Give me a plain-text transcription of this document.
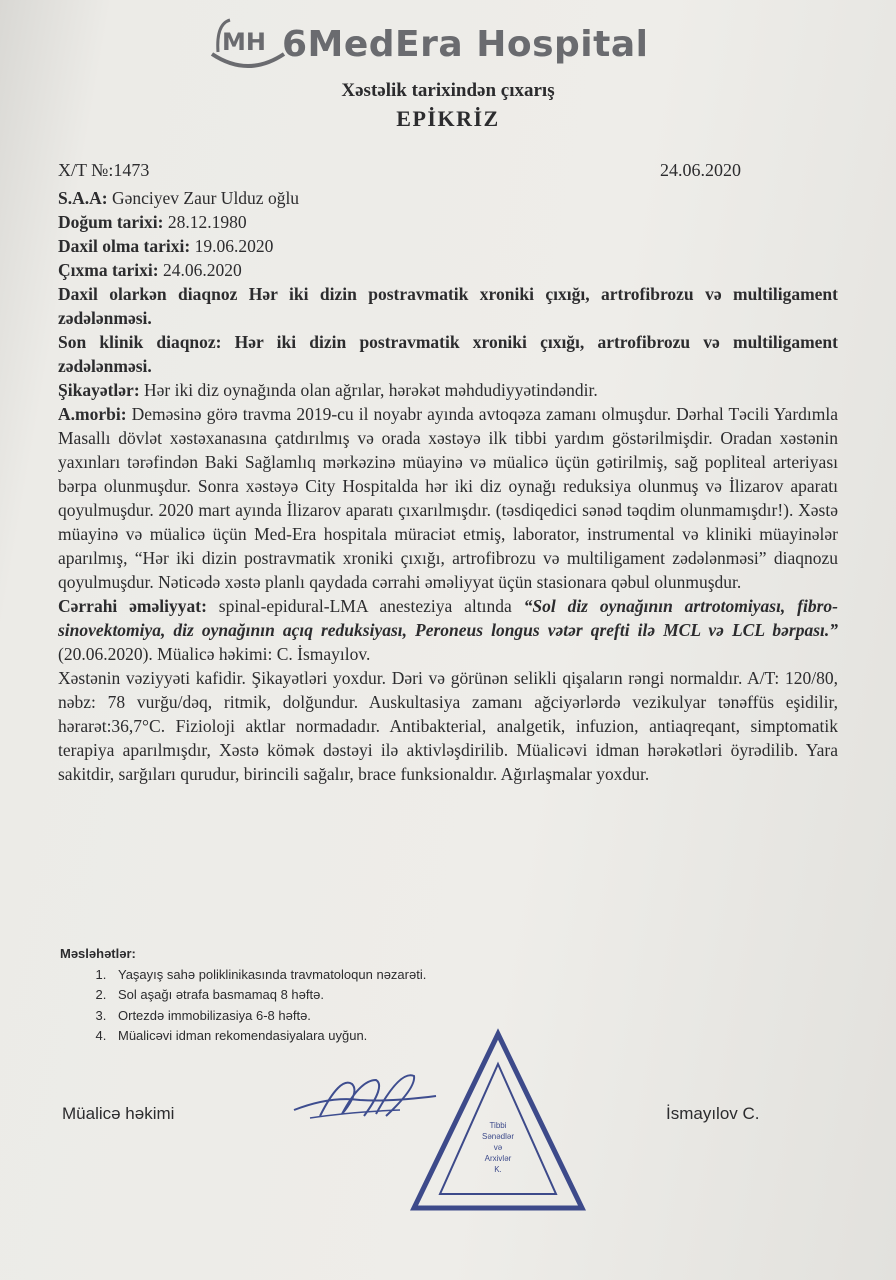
MH 6MedEra Hospital
Xəstəlik tarixindən çıxarış
EPİKRİZ
X/T №:1473	24.06.2020

S.A.A: Gənciyev Zaur Ulduz oğlu

Doğum tarixi: 28.12.1980

Daxil olma tarixi: 19.06.2020

Çıxma tarixi: 24.06.2020

Daxil olarkən diaqnoz Hər iki dizin postravmatik xroniki çıxığı, artrofibrozu və multiligament zədələnməsi.

Son klinik diaqnoz: Hər iki dizin postravmatik xroniki çıxığı, artrofibrozu və multiligament zədələnməsi.

Şikayətlər: Hər iki diz oynağında olan ağrılar, hərəkət məhdudiyyətindəndir.

A.morbi: Deməsinə görə travma 2019-cu il noyabr ayında avtoqəza zamanı olmuşdur. Dərhal Təcili Yardımla Masallı dövlət xəstəxanasına çatdırılmış və orada xəstəyə ilk tibbi yardım göstərilmişdir. Oradan xəstənin yaxınları tərəfindən Baki Sağlamlıq mərkəzinə müayinə və müalicə üçün gətirilmiş, sağ popliteal arteriyası bərpa olunmuşdur. Sonra xəstəyə City Hospitalda hər iki diz oynağı reduksiya olunmuş və İlizarov aparatı qoyulmuşdur. 2020 mart ayında İlizarov aparatı çıxarılmışdır. (təsdiqedici sənəd təqdim olunmamışdır!). Xəstə müayinə və müalicə üçün Med-Era hospitala müraciət etmiş, laborator, instrumental və kliniki müayinələr aparılmış, “Hər iki dizin postravmatik xroniki çıxığı, artrofibrozu və multiligament zədələnməsi” diaqnozu qoyulmuşdur. Nəticədə xəstə planlı qaydada cərrahi əməliyyat üçün stasionara qəbul olunmuşdur.

Cərrahi əməliyyat: spinal-epidural-LMA anesteziya altında “Sol diz oynağının artrotomiyası, fibro-sinovektomiya, diz oynağının açıq reduksiyası, Peroneus longus vətər qrefti ilə MCL və LCL bərpası.” (20.06.2020). Müalicə həkimi: C. İsmayılov.

Xəstənin vəziyyəti kafidir. Şikayətləri yoxdur. Dəri və görünən selikli qişaların rəngi normaldır. A/T: 120/80, nəbz: 78 vurğu/dəq, ritmik, dolğundur. Auskultasiya zamanı ağciyərlərdə vezikulyar tənəffüs eşidilir, hərarət:36,7°C. Fizioloji aktlar normadadır. Antibakterial, analgetik, infuzion, antiaqreqant, simptomatik terapiya aparılmışdır, Xəstə kömək dəstəyi ilə aktivləşdirilib. Müalicəvi idman hərəkətləri öyrədilib. Yara sakitdir, sarğıları qurudur, birincili sağalır, brace funksionaldır. Ağırlaşmalar yoxdur.

Məsləhətlər:
1. Yaşayış sahə poliklinikasında travmatoloqun nəzarəti.
2. Sol aşağı ətrafa basmamaq 8 həftə.
3. Ortezdə immobilizasiya 6-8 həftə.
4. Müalicəvi idman rekomendasiyalara uyğun.
Müalicə həkimi
Tibbi
Sənədlər
və
Arxivlər
K.
İsmayılov C.
